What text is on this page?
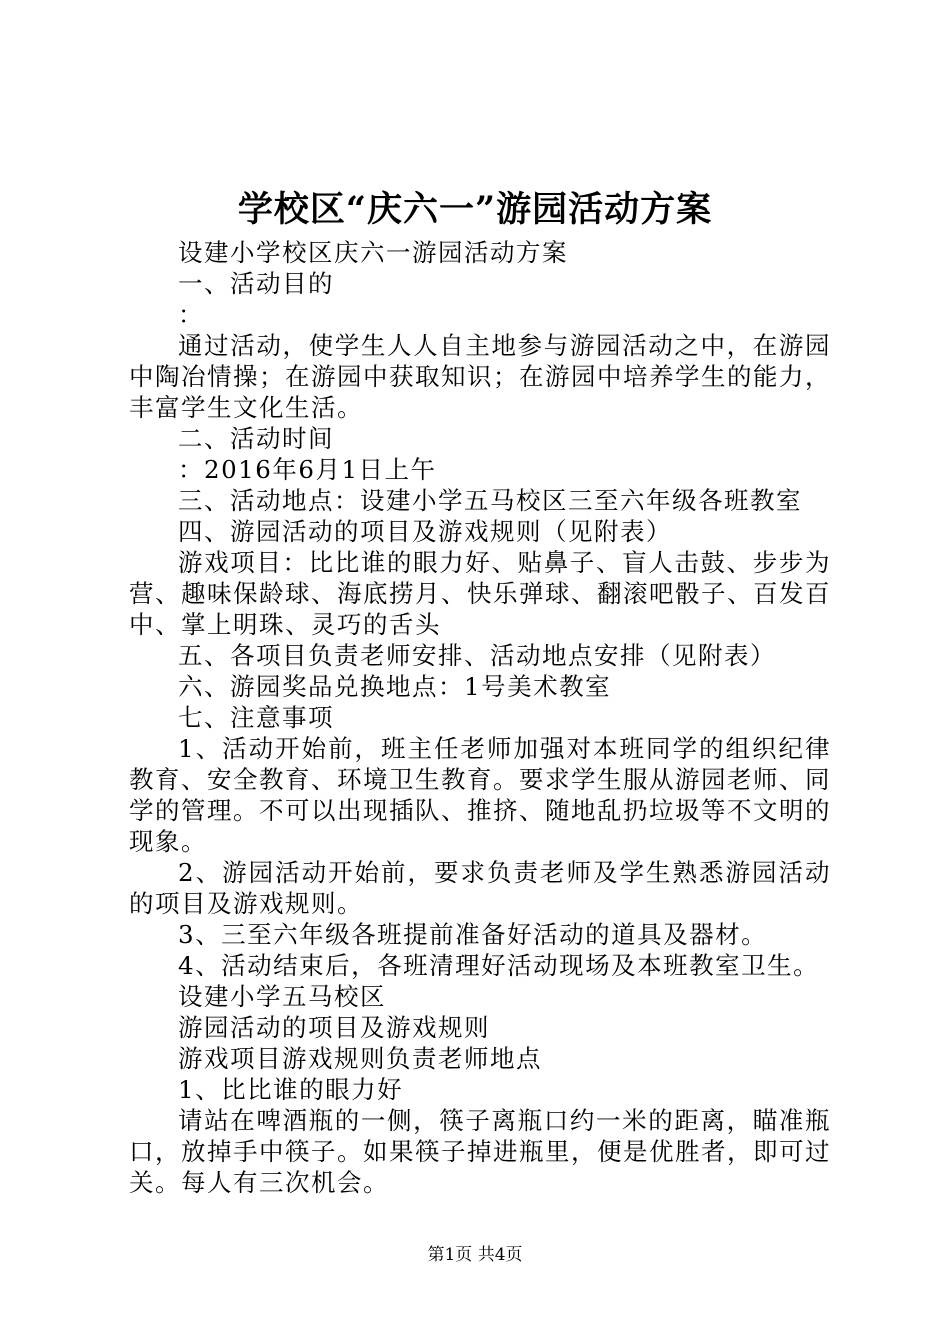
学校区“庆六一”游园活动方案

设建小学校区庆六一游园活动方案

一、活动目的

：

通过活动，使学生人人自主地参与游园活动之中，在游园中陶冶情操；在游园中获取知识；在游园中培养学生的能力，丰富学生文化生活。

二、活动时间

：2016年6月1日上午

三、活动地点：设建小学五马校区三至六年级各班教室

四、游园活动的项目及游戏规则（见附表）

游戏项目：比比谁的眼力好、贴鼻子、盲人击鼓、步步为营、趣味保龄球、海底捞月、快乐弹球、翻滚吧骰子、百发百中、掌上明珠、灵巧的舌头

五、各项目负责老师安排、活动地点安排（见附表）

六、游园奖品兑换地点：1号美术教室

七、注意事项

1、活动开始前，班主任老师加强对本班同学的组织纪律教育、安全教育、环境卫生教育。要求学生服从游园老师、同学的管理。不可以出现插队、推挤、随地乱扔垃圾等不文明的现象。

2、游园活动开始前，要求负责老师及学生熟悉游园活动的项目及游戏规则。

3、三至六年级各班提前准备好活动的道具及器材。

4、活动结束后，各班清理好活动现场及本班教室卫生。

设建小学五马校区

游园活动的项目及游戏规则

游戏项目游戏规则负责老师地点

1、比比谁的眼力好

请站在啤酒瓶的一侧，筷子离瓶口约一米的距离，瞄准瓶口，放掉手中筷子。如果筷子掉进瓶里，便是优胜者，即可过关。每人有三次机会。

第1页 共4页
